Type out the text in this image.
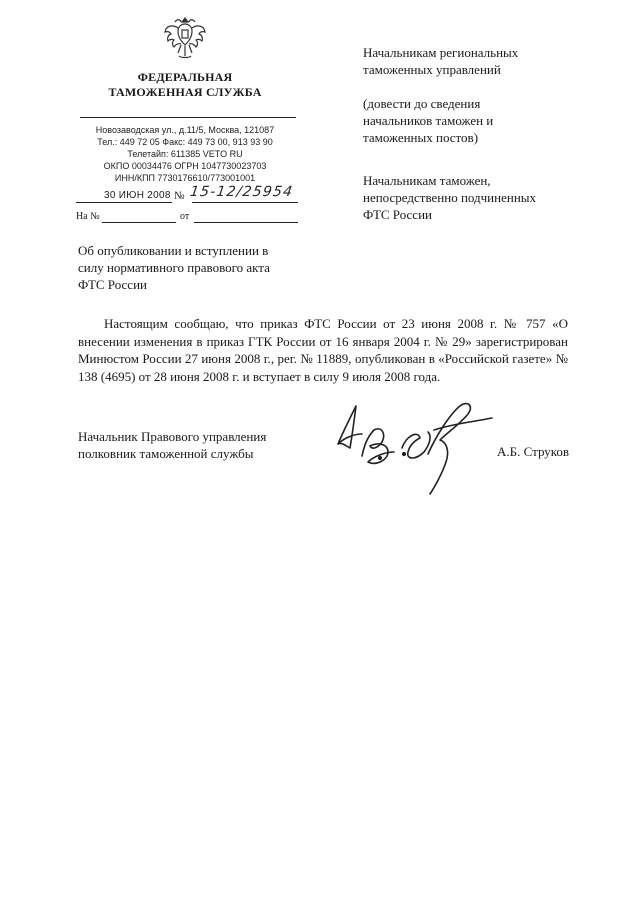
ФЕДЕРАЛЬНАЯ
ТАМОЖЕННАЯ СЛУЖБА
Новозаводская ул., д.11/5, Москва, 121087
Тел.: 449 72 05 Факс: 449 73 00, 913 93 90
Телетайп: 611385 VETO RU
ОКПО 00034476 ОГРН 1047730023703
ИНН/КПП 7730176610/773001001
30 ИЮН 2008 № 15-12/25954
На №	от
Об опубликовании и вступлении в
силу нормативного правового акта
ФТС России
Начальникам региональных
таможенных управлений
(довести до сведения
начальников таможен и
таможенных постов)
Начальникам таможен,
непосредственно подчиненных
ФТС России

Настоящим сообщаю, что приказ ФТС России от 23 июня 2008 г. № 757 «О внесении изменения в приказ ГТК России от 16 января 2004 г. № 29» зарегистрирован Минюстом России 27 июня 2008 г., рег. № 11889, опубликован в «Российской газете» № 138 (4695) от 28 июня 2008 г. и вступает в силу 9 июля 2008 года.

Начальник Правового управления
полковник таможенной службы	А.Б. Струков
